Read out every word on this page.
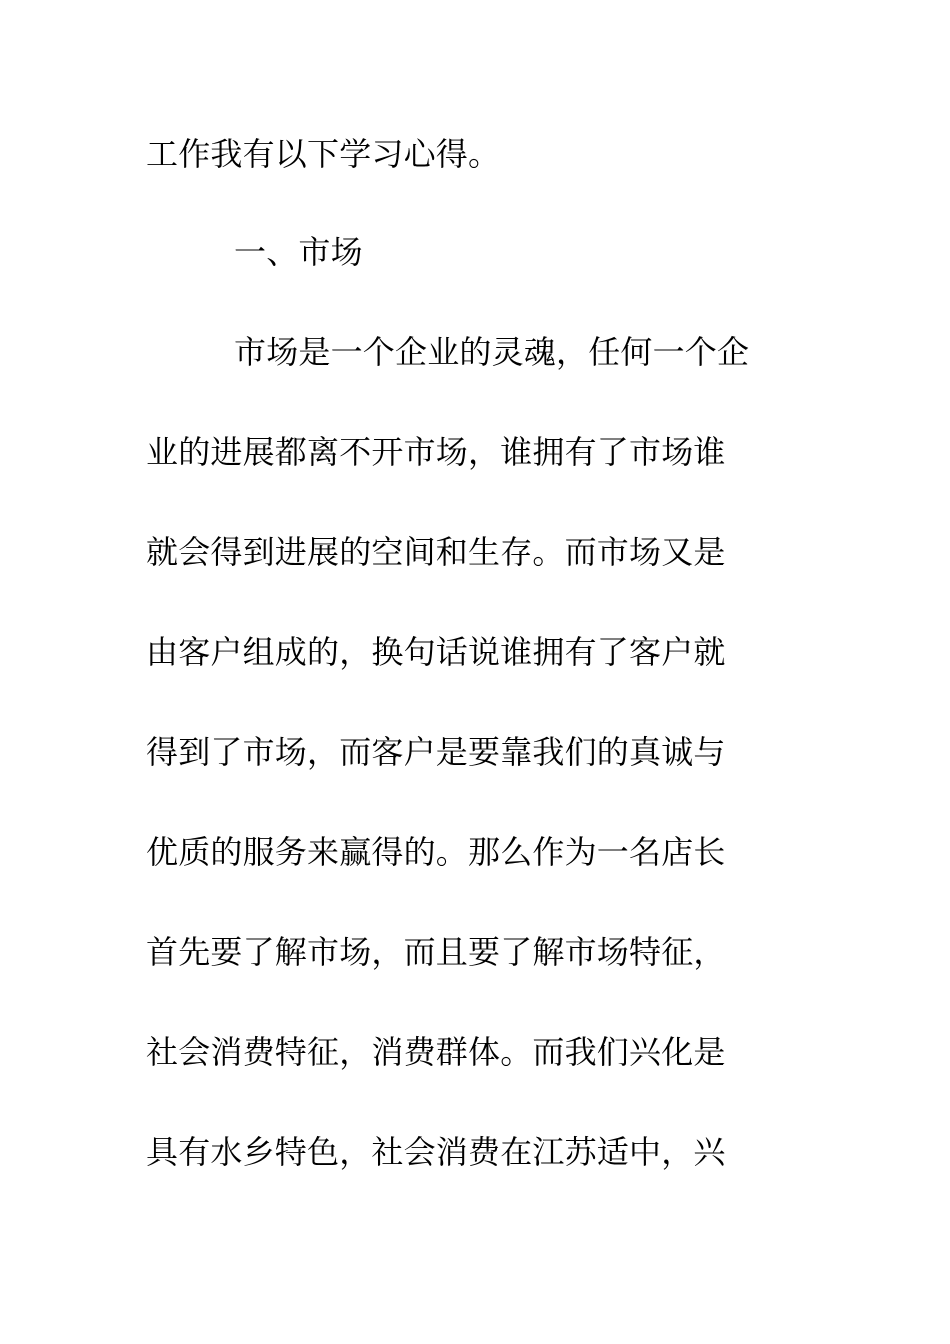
工作我有以下学习心得。
一、市场
市场是一个企业的灵魂，任何一个企
业的进展都离不开市场，谁拥有了市场谁
就会得到进展的空间和生存。而市场又是
由客户组成的，换句话说谁拥有了客户就
得到了市场，而客户是要靠我们的真诚与
优质的服务来赢得的。那么作为一名店长
首先要了解市场，而且要了解市场特征，
社会消费特征，消费群体。而我们兴化是
具有水乡特色，社会消费在江苏适中，兴
